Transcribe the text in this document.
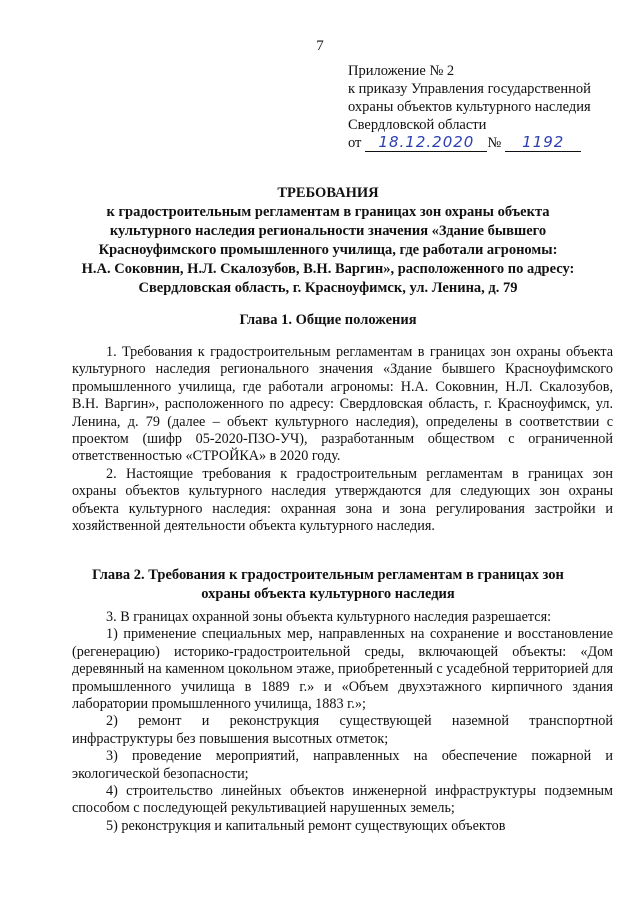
7
Приложение № 2
к приказу Управления государственной
охраны объектов культурного наследия
Свердловской области
от	18.12.2020 №	1192
ТРЕБОВАНИЯ
к градостроительным регламентам в границах зон охраны объекта
культурного наследия региональности значения «Здание бывшего
Красноуфимского промышленного училища, где работали агрономы:
Н.А. Соковнин, Н.Л. Скалозубов, В.Н. Варгин», расположенного по адресу:
Свердловская область, г. Красноуфимск, ул. Ленина, д. 79
Глава 1. Общие положения

1. Требования к градостроительным регламентам в границах зон охраны объекта культурного наследия регионального значения «Здание бывшего Красноуфимского промышленного училища, где работали агрономы: Н.А. Соковнин, Н.Л. Скалозубов, В.Н. Варгин», расположенного по адресу: Свердловская область, г. Красноуфимск, ул. Ленина, д. 79 (далее – объект культурного наследия), определены в соответствии с проектом (шифр 05-2020-ПЗО-УЧ), разработанным обществом с ограниченной ответственностью «СТРОЙКА» в 2020 году.

2. Настоящие требования к градостроительным регламентам в границах зон охраны объектов культурного наследия утверждаются для следующих зон охраны объекта культурного наследия: охранная зона и зона регулирования застройки и хозяйственной деятельности объекта культурного наследия.

Глава 2. Требования к градостроительным регламентам в границах зон
охраны объекта культурного наследия

3. В границах охранной зоны объекта культурного наследия разрешается:

1) применение специальных мер, направленных на сохранение и восстановление (регенерацию) историко-градостроительной среды, включающей объекты: «Дом деревянный на каменном цокольном этаже, приобретенный с усадебной территорией для промышленного училища в 1889 г.» и «Объем двухэтажного кирпичного здания лаборатории промышленного училища, 1883 г.»;

2) ремонт и реконструкция существующей наземной транспортной инфраструктуры без повышения высотных отметок;

3) проведение мероприятий, направленных на обеспечение пожарной и экологической безопасности;

4) строительство линейных объектов инженерной инфраструктуры подземным способом с последующей рекультивацией нарушенных земель;

5) реконструкция и капитальный ремонт существующих объектов
